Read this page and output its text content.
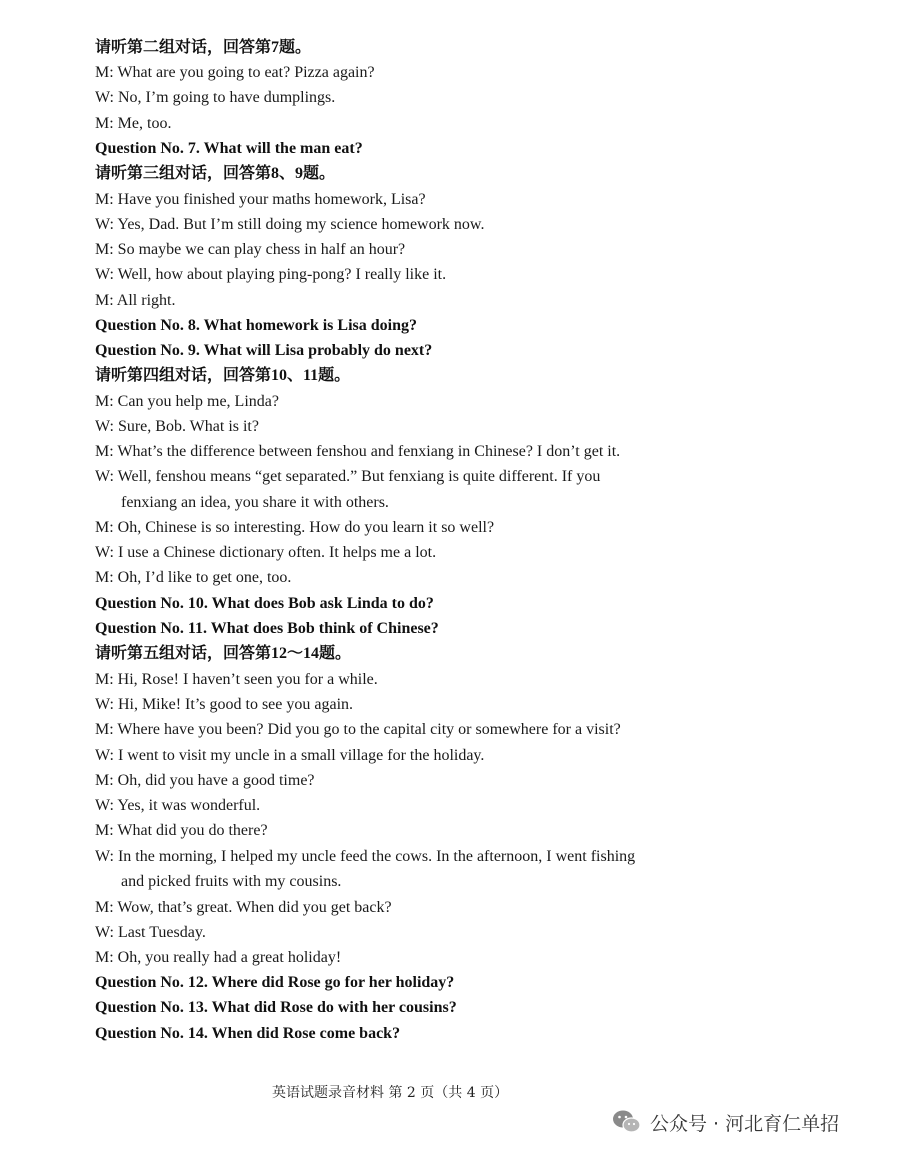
请听第二组对话，回答第7题。
M: What are you going to eat? Pizza again?
W: No, I’m going to have dumplings.
M: Me, too.
Question No. 7. What will the man eat?
请听第三组对话，回答第8、9题。
M: Have you finished your maths homework, Lisa?
W: Yes, Dad. But I’m still doing my science homework now.
M: So maybe we can play chess in half an hour?
W: Well, how about playing ping-pong? I really like it.
M: All right.
Question No. 8. What homework is Lisa doing?
Question No. 9. What will Lisa probably do next?
请听第四组对话，回答第10、11题。
M: Can you help me, Linda?
W: Sure, Bob. What is it?
M: What’s the difference between fenshou and fenxiang in Chinese? I don’t get it.
W: Well, fenshou means “get separated.” But fenxiang is quite different. If you
fenxiang an idea, you share it with others.
M: Oh, Chinese is so interesting. How do you learn it so well?
W: I use a Chinese dictionary often. It helps me a lot.
M: Oh, I’d like to get one, too.
Question No. 10. What does Bob ask Linda to do?
Question No. 11. What does Bob think of Chinese?
请听第五组对话，回答第12～14题。
M: Hi, Rose! I haven’t seen you for a while.
W: Hi, Mike! It’s good to see you again.
M: Where have you been? Did you go to the capital city or somewhere for a visit?
W: I went to visit my uncle in a small village for the holiday.
M: Oh, did you have a good time?
W: Yes, it was wonderful.
M: What did you do there?
W: In the morning, I helped my uncle feed the cows. In the afternoon, I went fishing
and picked fruits with my cousins.
M: Wow, that’s great. When did you get back?
W: Last Tuesday.
M: Oh, you really had a great holiday!
Question No. 12. Where did Rose go for her holiday?
Question No. 13. What did Rose do with her cousins?
Question No. 14. When did Rose come back?
英语试题录音材料 第 2 页（共 4 页）
公众号 · 河北育仁单招
